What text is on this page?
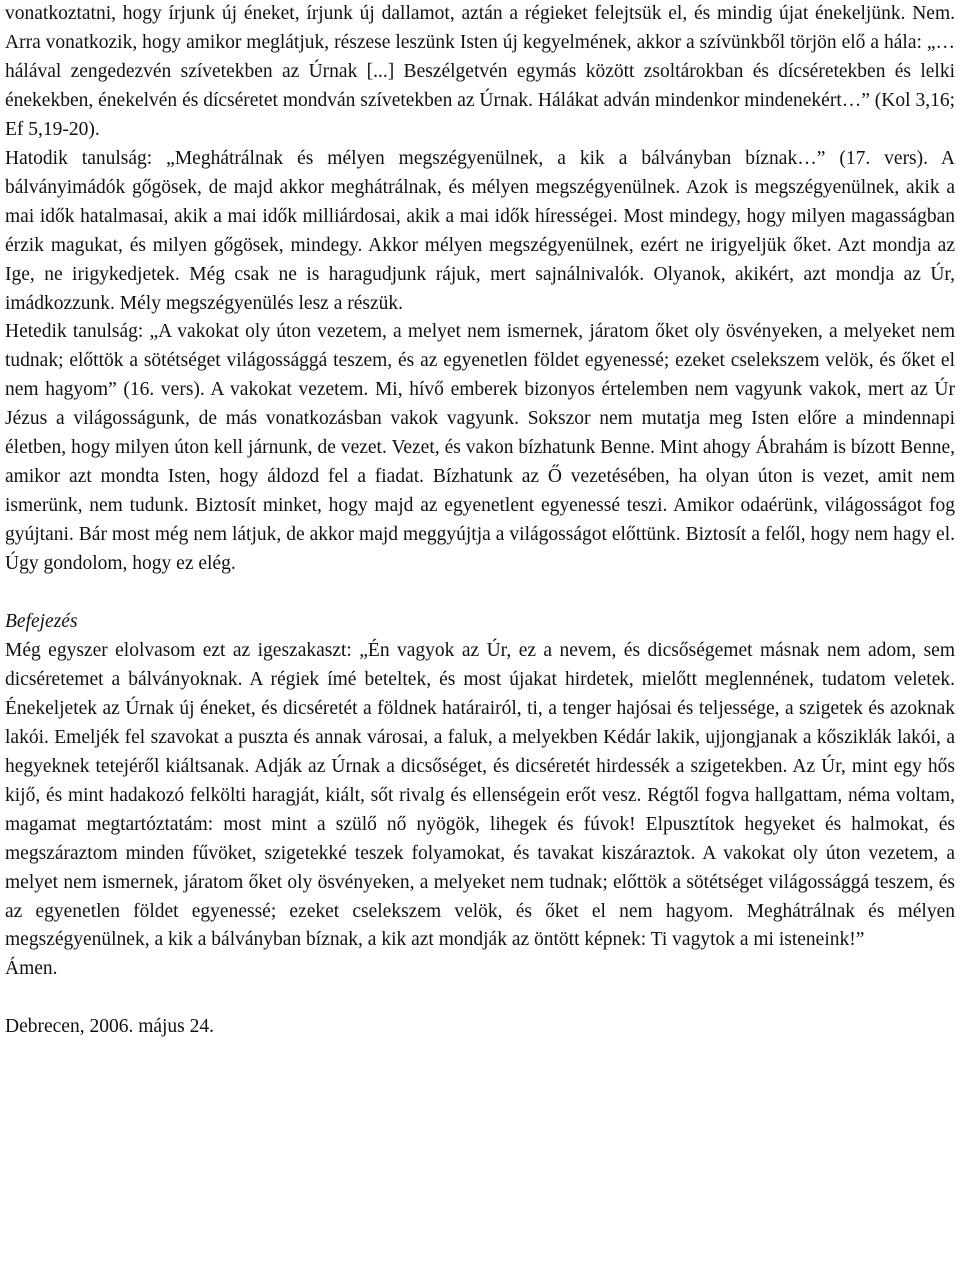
vonatkoztatni, hogy írjunk új éneket, írjunk új dallamot, aztán a régieket felejtsük el, és mindig újat énekeljünk. Nem. Arra vonatkozik, hogy amikor meglátjuk, részese leszünk Isten új kegyelmének, akkor a szívünkből törjön elő a hála: „…hálával zengedezvén szívetekben az Úrnak [...] Beszélgetvén egymás között zsoltárokban és dícséretekben és lelki énekekben, énekelvén és dícséretet mondván szívetekben az Úrnak. Hálákat adván mindenkor mindenekért…” (Kol 3,16; Ef 5,19-20).

Hatodik tanulság: „Meghátrálnak és mélyen megszégyenülnek, a kik a bálványban bíznak…” (17. vers). A bálványimádók gőgösek, de majd akkor meghátrálnak, és mélyen megszégyenülnek. Azok is megszégyenülnek, akik a mai idők hatalmasai, akik a mai idők milliárdosai, akik a mai idők hírességei. Most mindegy, hogy milyen magasságban érzik magukat, és milyen gőgösek, mindegy. Akkor mélyen megszégyenülnek, ezért ne irigyeljük őket. Azt mondja az Ige, ne irigykedjetek. Még csak ne is haragudjunk rájuk, mert sajnálnivalók. Olyanok, akikért, azt mondja az Úr, imádkozzunk. Mély megszégyenülés lesz a részük.

Hetedik tanulság: „A vakokat oly úton vezetem, a melyet nem ismernek, járatom őket oly ösvényeken, a melyeket nem tudnak; előttök a sötétséget világossággá teszem, és az egyenetlen földet egyenessé; ezeket cselekszem velök, és őket el nem hagyom” (16. vers). A vakokat vezetem. Mi, hívő emberek bizonyos értelemben nem vagyunk vakok, mert az Úr Jézus a világosságunk, de más vonatkozásban vakok vagyunk. Sokszor nem mutatja meg Isten előre a mindennapi életben, hogy milyen úton kell járnunk, de vezet. Vezet, és vakon bízhatunk Benne. Mint ahogy Ábrahám is bízott Benne, amikor azt mondta Isten, hogy áldozd fel a fiadat. Bízhatunk az Ő vezetésében, ha olyan úton is vezet, amit nem ismerünk, nem tudunk. Biztosít minket, hogy majd az egyenetlent egyenessé teszi. Amikor odaérünk, világosságot fog gyújtani. Bár most még nem látjuk, de akkor majd meggyújtja a világosságot előttünk. Biztosít a felől, hogy nem hagy el. Úgy gondolom, hogy ez elég.

Befejezés

Még egyszer elolvasom ezt az igeszakaszt: „Én vagyok az Úr, ez a nevem, és dicsőségemet másnak nem adom, sem dicséretemet a bálványoknak. A régiek ímé beteltek, és most újakat hirdetek, mielőtt meglennének, tudatom veletek. Énekeljetek az Úrnak új éneket, és dicséretét a földnek határairól, ti, a tenger hajósai és teljessége, a szigetek és azoknak lakói. Emeljék fel szavokat a puszta és annak városai, a faluk, a melyekben Kédár lakik, ujjongjanak a kősziklák lakói, a hegyeknek tetejéről kiáltsanak. Adják az Úrnak a dicsőséget, és dicséretét hirdessék a szigetekben. Az Úr, mint egy hős kijő, és mint hadakozó felkölti haragját, kiált, sőt rivalg és ellenségein erőt vesz. Régtől fogva hallgattam, néma voltam, magamat megtartóztatám: most mint a szülő nő nyögök, lihegek és fúvok! Elpusztítok hegyeket és halmokat, és megszáraztom minden fűvöket, szigetekké teszek folyamokat, és tavakat kiszáraztok. A vakokat oly úton vezetem, a melyet nem ismernek, járatom őket oly ösvényeken, a melyeket nem tudnak; előttök a sötétséget világossággá teszem, és az egyenetlen földet egyenessé; ezeket cselekszem velök, és őket el nem hagyom. Meghátrálnak és mélyen megszégyenülnek, a kik a bálványban bíznak, a kik azt mondják az öntött képnek: Ti vagytok a mi isteneink!”

Ámen.

Debrecen, 2006. május 24.
